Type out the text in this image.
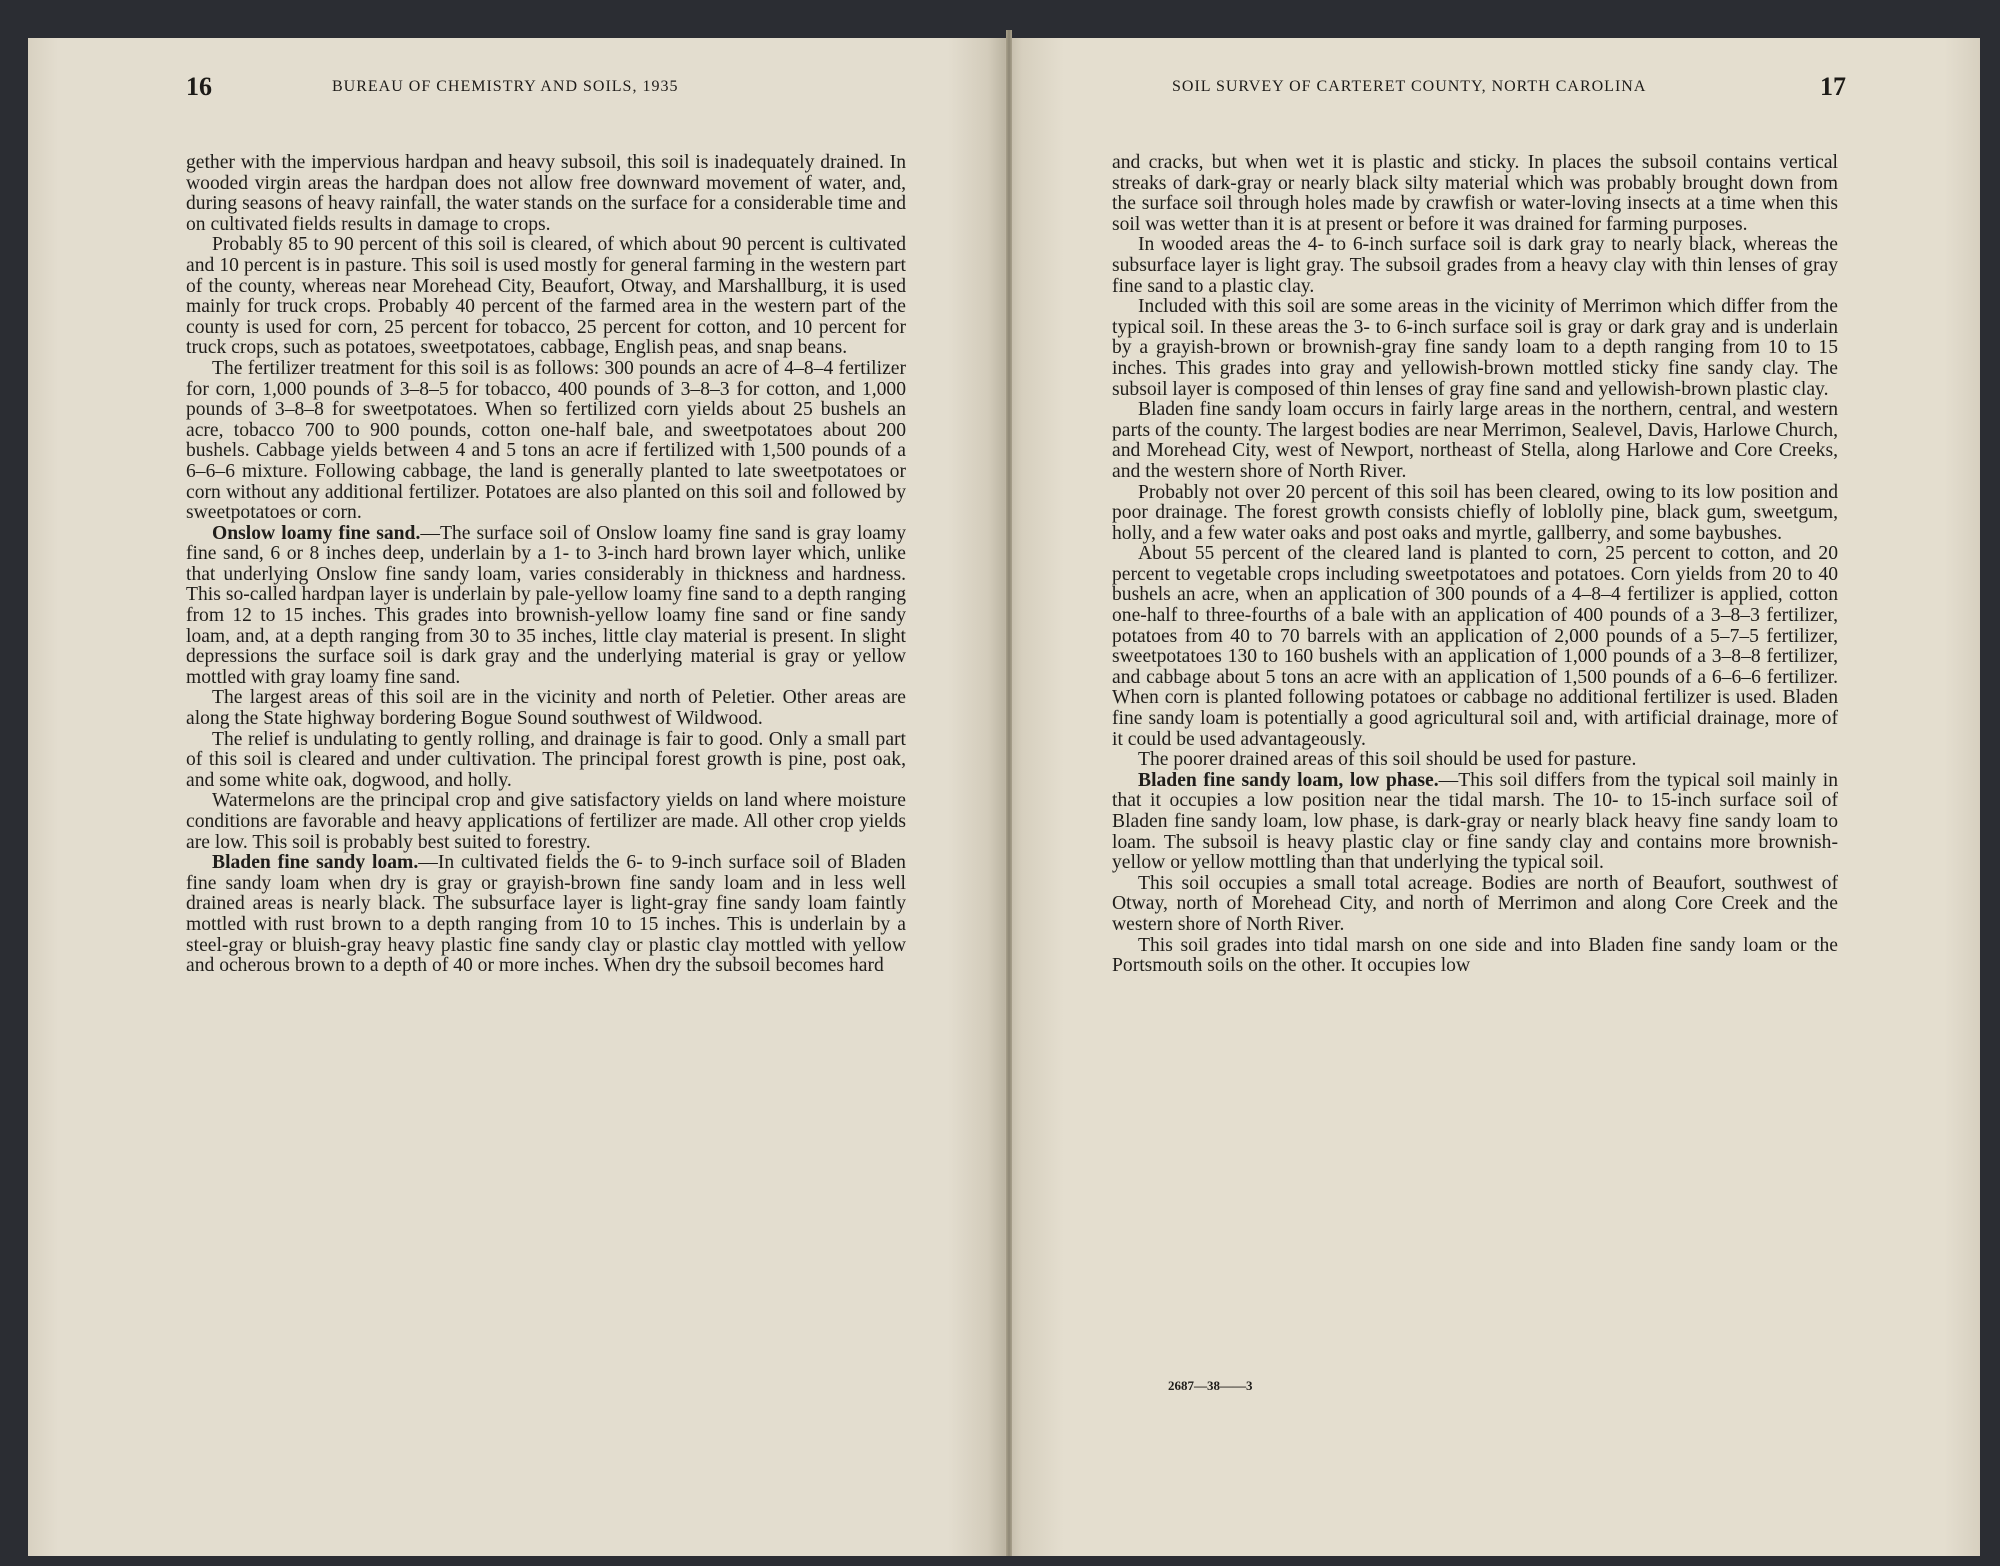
16	BUREAU OF CHEMISTRY AND SOILS, 1935	SOIL SURVEY OF CARTERET COUNTY, NORTH CAROLINA	17

gether with the impervious hardpan and heavy subsoil, this soil is inadequately drained. In wooded virgin areas the hardpan does not allow free downward movement of water, and, during seasons of heavy rainfall, the water stands on the surface for a considerable time and on cultivated fields results in damage to crops.

Probably 85 to 90 percent of this soil is cleared, of which about 90 percent is cultivated and 10 percent is in pasture. This soil is used mostly for general farming in the western part of the county, whereas near Morehead City, Beaufort, Otway, and Marshallburg, it is used mainly for truck crops. Probably 40 percent of the farmed area in the western part of the county is used for corn, 25 percent for tobacco, 25 percent for cotton, and 10 percent for truck crops, such as potatoes, sweetpotatoes, cabbage, English peas, and snap beans.

The fertilizer treatment for this soil is as follows: 300 pounds an acre of 4–8–4 fertilizer for corn, 1,000 pounds of 3–8–5 for tobacco, 400 pounds of 3–8–3 for cotton, and 1,000 pounds of 3–8–8 for sweetpotatoes. When so fertilized corn yields about 25 bushels an acre, tobacco 700 to 900 pounds, cotton one-half bale, and sweetpotatoes about 200 bushels. Cabbage yields between 4 and 5 tons an acre if fertilized with 1,500 pounds of a 6–6–6 mixture. Following cabbage, the land is generally planted to late sweetpotatoes or corn without any additional fertilizer. Potatoes are also planted on this soil and followed by sweetpotatoes or corn.

Onslow loamy fine sand.—The surface soil of Onslow loamy fine sand is gray loamy fine sand, 6 or 8 inches deep, underlain by a 1- to 3-inch hard brown layer which, unlike that underlying Onslow fine sandy loam, varies considerably in thickness and hardness. This so-called hardpan layer is underlain by pale-yellow loamy fine sand to a depth ranging from 12 to 15 inches. This grades into brownish-yellow loamy fine sand or fine sandy loam, and, at a depth ranging from 30 to 35 inches, little clay material is present. In slight depressions the surface soil is dark gray and the underlying material is gray or yellow mottled with gray loamy fine sand.

The largest areas of this soil are in the vicinity and north of Peletier. Other areas are along the State highway bordering Bogue Sound southwest of Wildwood.

The relief is undulating to gently rolling, and drainage is fair to good. Only a small part of this soil is cleared and under cultivation. The principal forest growth is pine, post oak, and some white oak, dogwood, and holly.

Watermelons are the principal crop and give satisfactory yields on land where moisture conditions are favorable and heavy applications of fertilizer are made. All other crop yields are low. This soil is probably best suited to forestry.

Bladen fine sandy loam.—In cultivated fields the 6- to 9-inch surface soil of Bladen fine sandy loam when dry is gray or grayish-brown fine sandy loam and in less well drained areas is nearly black. The subsurface layer is light-gray fine sandy loam faintly mottled with rust brown to a depth ranging from 10 to 15 inches. This is underlain by a steel-gray or bluish-gray heavy plastic fine sandy clay or plastic clay mottled with yellow and ocherous brown to a depth of 40 or more inches. When dry the subsoil becomes hard

and cracks, but when wet it is plastic and sticky. In places the subsoil contains vertical streaks of dark-gray or nearly black silty material which was probably brought down from the surface soil through holes made by crawfish or water-loving insects at a time when this soil was wetter than it is at present or before it was drained for farming purposes.

In wooded areas the 4- to 6-inch surface soil is dark gray to nearly black, whereas the subsurface layer is light gray. The subsoil grades from a heavy clay with thin lenses of gray fine sand to a plastic clay.

Included with this soil are some areas in the vicinity of Merrimon which differ from the typical soil. In these areas the 3- to 6-inch surface soil is gray or dark gray and is underlain by a grayish-brown or brownish-gray fine sandy loam to a depth ranging from 10 to 15 inches. This grades into gray and yellowish-brown mottled sticky fine sandy clay. The subsoil layer is composed of thin lenses of gray fine sand and yellowish-brown plastic clay.

Bladen fine sandy loam occurs in fairly large areas in the northern, central, and western parts of the county. The largest bodies are near Merrimon, Sealevel, Davis, Harlowe Church, and Morehead City, west of Newport, northeast of Stella, along Harlowe and Core Creeks, and the western shore of North River.

Probably not over 20 percent of this soil has been cleared, owing to its low position and poor drainage. The forest growth consists chiefly of loblolly pine, black gum, sweetgum, holly, and a few water oaks and post oaks and myrtle, gallberry, and some baybushes.

About 55 percent of the cleared land is planted to corn, 25 percent to cotton, and 20 percent to vegetable crops including sweetpotatoes and potatoes. Corn yields from 20 to 40 bushels an acre, when an application of 300 pounds of a 4–8–4 fertilizer is applied, cotton one-half to three-fourths of a bale with an application of 400 pounds of a 3–8–3 fertilizer, potatoes from 40 to 70 barrels with an application of 2,000 pounds of a 5–7–5 fertilizer, sweetpotatoes 130 to 160 bushels with an application of 1,000 pounds of a 3–8–8 fertilizer, and cabbage about 5 tons an acre with an application of 1,500 pounds of a 6–6–6 fertilizer. When corn is planted following potatoes or cabbage no additional fertilizer is used. Bladen fine sandy loam is potentially a good agricultural soil and, with artificial drainage, more of it could be used advantageously.

The poorer drained areas of this soil should be used for pasture.

Bladen fine sandy loam, low phase.—This soil differs from the typical soil mainly in that it occupies a low position near the tidal marsh. The 10- to 15-inch surface soil of Bladen fine sandy loam, low phase, is dark-gray or nearly black heavy fine sandy loam to loam. The subsoil is heavy plastic clay or fine sandy clay and contains more brownish-yellow or yellow mottling than that underlying the typical soil.

This soil occupies a small total acreage. Bodies are north of Beaufort, southwest of Otway, north of Morehead City, and north of Merrimon and along Core Creek and the western shore of North River.

This soil grades into tidal marsh on one side and into Bladen fine sandy loam or the Portsmouth soils on the other. It occupies low

2687—38——3
